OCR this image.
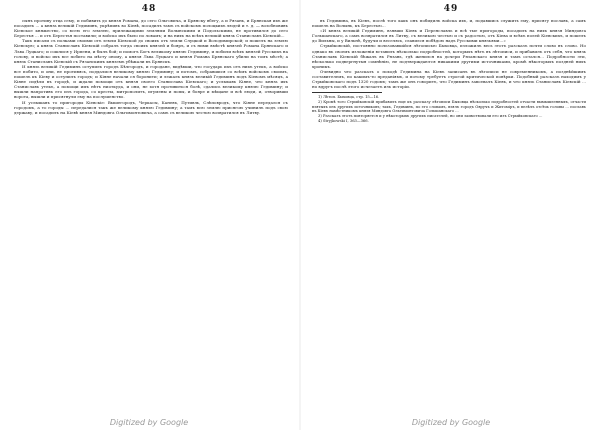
48

сынъ противу отца сему, и побивить до князя Романа, до сего Ольговича, и Брянску вбегу, а и Рязань, и Брянская ихъ же посадилъ ... а князь великій Гедиминъ, укрѣпивъ во Кіевѣ, посадилъ тамъ съ войскомъ полоцкихъ людей и т. д. — возобновивъ Кіевское княжество, со всею его землею, прилежащими землями Волынскими и Подольскими, не противился до сего Берестья ... и отъ Берестья поставили; и войско ихъ было по ловамъ; и на нихъ на всѣхъ великій князь Станиславъ Кіевскій...

Такъ писали съ полками своими отъ земли Кіевской до своихъ отъ земли Слуцкой и Володимирской; и пошелъ на землю Кіевскую; а князь Станиславъ Кіевскій собралъ тогда своихъ князей и бояръ, и съ ними вмѣстѣ князей Романа Брянскаго и Льва Луцкаго; и сошлися у Ирпени, и былъ бой; и помогъ Богъ великому князю Гедимину, и побили всѣхъ князей Русскихъ на голову, и войско ихъ все побито на мѣсту оному, а князя Льва Луцкаго и князя Романа Брянскаго убили на томъ мѣстѣ; а князь Станиславъ Кіевскій съ Рязанскимъ княземъ убѣжали въ Брянскъ.

И князь великій Гедиминъ оступилъ городъ Бѣлгородъ, и городане, видѣвши, что государь ихъ отъ нихъ утекъ, а войско все побито, и они, не противясь, поддалися великому князю Гедимину; и потомъ, собравшися со всѣмъ войскомъ своимъ, пошелъ къ Кіеву и оступилъ городъ; и Кіяне начали ся боронити; и лежалъ князь великій Гедиминъ подъ Кіевомъ мѣсяцъ, а Кіяне сидѣли въ городѣ, и ждали помощи отъ князя своего Станислава Кіевскаго; и услыхавъ Кіяне, что князь ихъ Станиславъ утекъ, а помощи имъ нѣтъ ниоткуда, и они, не хотя противиться болѣ, сдались великому князю Гедимину; и вышли напротивъ его изъ города, со кресты, митрополитъ, игумены и попы, и бояре и мѣщане и всѣ люди, и, отворивши ворота, вышли и присягнули ему на послушенство.

И услышавъ то пригороды Кіевскіе: Вышегородъ, Черкасы, Каневъ, Путивль, Слѣповродъ, что Кіяне передался съ городомъ, а то городы ... передалися такъ же великому князю Гедимину; а тамъ всю землю присягою учинилъ подъ свою державу, и посадилъ на Кіевѣ князя Миндовга Ольгимонтовича, а самъ съ великою честью возвратился въ Литву.

Digitized by Google
49

въ Гедимина, въ Кіевъ, послѣ того какъ онъ побидилъ войска ихъ, и, подавшись служить ему, присягу пославъ, а самъ пошелъ на Волынь, къ Берестью...

«И князь великій Гедиминъ, взявши Кіевъ и Переяславль и всѣ тые пригороды, посадилъ на нихъ князя Миндовга Гольшанскаго, а самъ возвратился въ Литву, съ великою честью и съ радостью, отъ Кіева и всѣхъ полей Кіевскихъ, и пошелъ до Вильны, и у Вильнѣ, будучи и веселясь, славился побѣдою надъ Русскими князьями...»

Стрыйковскій, постоянно пользовавшійся лѣтописью Быховца, изложилъ весь этотъ разсказъ почти слово въ слово. Но однако въ своемъ изложеніи вставилъ нѣсколько подробностей, которыхъ нѣтъ въ лѣтописи, и прибавилъ отъ себя, что князь Станиславъ Кіевскій бѣжалъ въ Рязань, гдѣ женился на дочери Рязанскаго князя и тамъ остался... Подробности эти, нѣсколько подвергнутыя сомнѣнію, не подтверждаются никакими другими источниками, кромѣ нѣкоторыхъ поздней нихъ хроникъ.

Очевидно что разсказъ о походѣ Гедимина на Кіевъ записанъ въ лѣтописи не современникомъ, а позднѣйшимъ составителемъ, по какимъ-то преданіямъ, и потому требуетъ строгой критической повѣрки. Подобный разсказъ находимъ у Стрыйковскаго подъ 1320 годомъ; тамъ же онъ говоритъ, что Гедиминъ завоевалъ Кіевъ, и что князь Станиславъ Кіевскій ... но вдругъ послѣ этого исчезаетъ изъ исторіи.

1) Лѣтоп. Быховца, стр. 15—16.

2) Кромѣ того Стрыйковскій прибавилъ еще къ разсказу лѣтописи Быховца нѣсколько подробностей отчасти вымышленныхъ, отчасти взятыхъ изъ другихъ источниковъ; такъ, Гедиминъ, по его словамъ, взялъ городъ Овручъ и Житоміръ, и велѣлъ отсѣчь головы ... пославъ въ Кіевъ намѣстникомъ князя Миндовга Ольгимонтовича Гольшанскаго ...

3) Разсказъ этотъ повторяется и у нѣкоторыхъ другихъ писателей, но они заимствовали его изъ Стрыйковскаго ...

4) Stryjkowski I, 363—366.

Digitized by Google
